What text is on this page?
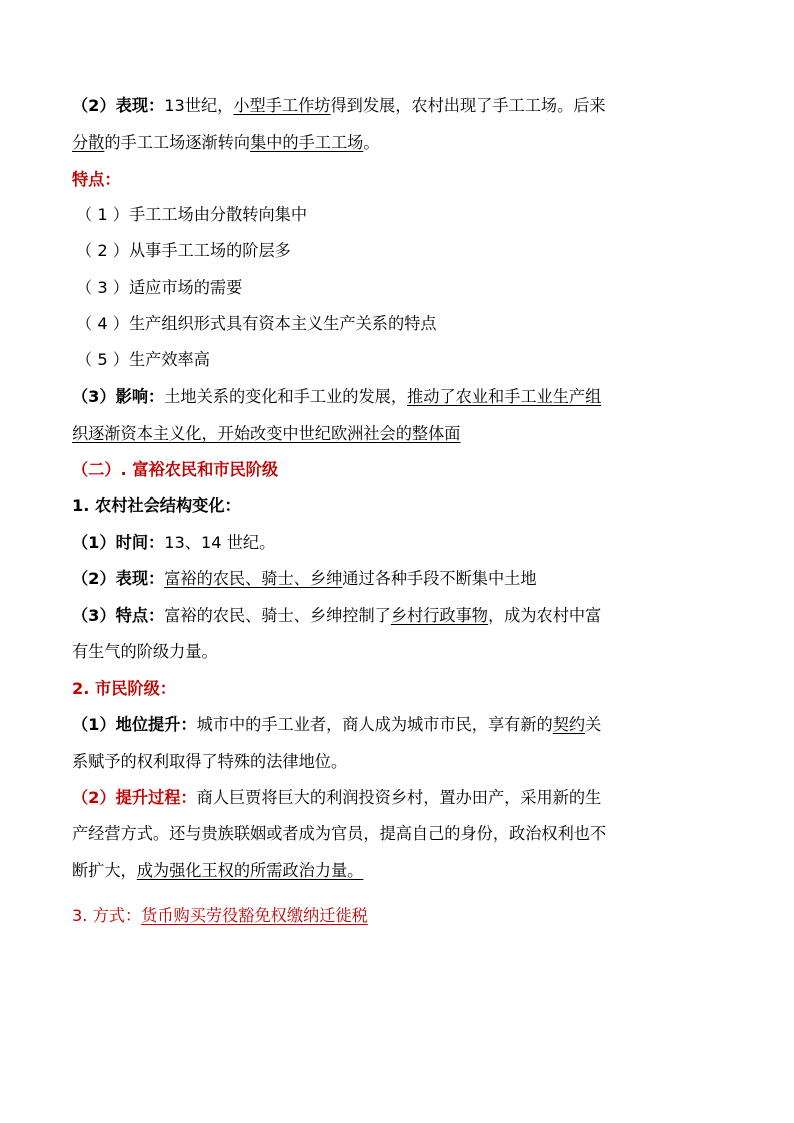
（2）表现：13世纪，小型手工作坊得到发展，农村出现了手工工场。后来
分散的手工工场逐渐转向集中的手工工场。
特点：
（ 1 ）手工工场由分散转向集中
（ 2 ）从事手工工场的阶层多
（ 3 ）适应市场的需要
（ 4 ）生产组织形式具有资本主义生产关系的特点
（ 5 ）生产效率高
（3）影响：土地关系的变化和手工业的发展，推动了农业和手工业生产组
织逐渐资本主义化，开始改变中世纪欧洲社会的整体面
（二）. 富裕农民和市民阶级
1. 农村社会结构变化：
（1）时间：13、14 世纪。
（2）表现：富裕的农民、骑士、乡绅通过各种手段不断集中土地
（3）特点：富裕的农民、骑士、乡绅控制了乡村行政事物，成为农村中富
有生气的阶级力量。
2. 市民阶级：
（1）地位提升：城市中的手工业者，商人成为城市市民，享有新的契约关
系赋予的权利取得了特殊的法律地位。
（2）提升过程：商人巨贾将巨大的利润投资乡村，置办田产，采用新的生
产经营方式。还与贵族联姻或者成为官员，提高自己的身份，政治权利也不
断扩大，成为强化王权的所需政治力量。
3. 方式：货币购买劳役豁免权缴纳迁徙税
